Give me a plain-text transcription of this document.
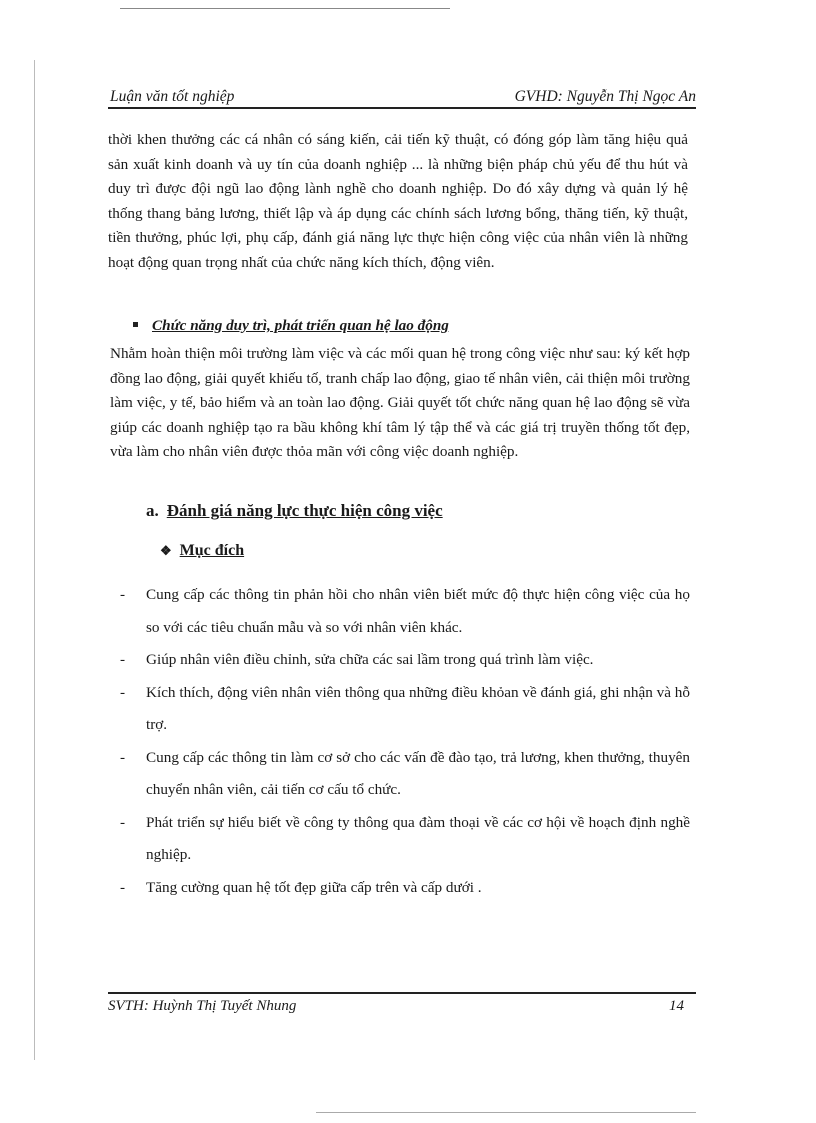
Luận văn tốt nghiệp	GVHD: Nguyễn Thị Ngọc An
thời khen thưởng các cá nhân có sáng kiến, cải tiến kỹ thuật, có đóng góp làm tăng hiệu quả sản xuất kinh doanh và uy tín của doanh nghiệp ... là những biện pháp chủ yếu để thu hút và duy trì được đội ngũ lao động lành nghề cho doanh nghiệp. Do đó xây dựng và quản lý hệ thống thang bảng lương, thiết lập và áp dụng các chính sách lương bổng, thăng tiến, kỹ thuật, tiền thưởng, phúc lợi, phụ cấp, đánh giá năng lực thực hiện công việc của nhân viên là những hoạt động quan trọng nhất của chức năng kích thích, động viên.
Chức năng duy trì, phát triển quan hệ lao động
Nhằm hoàn thiện môi trường làm việc và các mối quan hệ trong công việc như sau: ký kết hợp đồng lao động, giải quyết khiếu tố, tranh chấp lao động, giao tế nhân viên, cải thiện môi trường làm việc, y tế, bảo hiểm và an toàn lao động. Giải quyết tốt chức năng quan hệ lao động sẽ vừa giúp các doanh nghiệp tạo ra bầu không khí tâm lý tập thể và các giá trị truyền thống tốt đẹp, vừa làm cho nhân viên được thỏa mãn với công việc doanh nghiệp.
a. Đánh giá năng lực thực hiện công việc
❖ Mục đích
- Cung cấp các thông tin phản hồi cho nhân viên biết mức độ thực hiện công việc của họ so với các tiêu chuẩn mẫu và so với nhân viên khác.
- Giúp nhân viên điều chỉnh, sửa chữa các sai lầm trong quá trình làm việc.
- Kích thích, động viên nhân viên thông qua những điều khỏan về đánh giá, ghi nhận và hỗ trợ.
- Cung cấp các thông tin làm cơ sở cho các vấn đề đào tạo, trả lương, khen thưởng, thuyên chuyển nhân viên, cải tiến cơ cấu tổ chức.
- Phát triển sự hiểu biết về công ty thông qua đàm thoại về các cơ hội về hoạch định nghề nghiệp.
- Tăng cường quan hệ tốt đẹp giữa cấp trên và cấp dưới .
SVTH: Huỳnh Thị Tuyết Nhung	14
